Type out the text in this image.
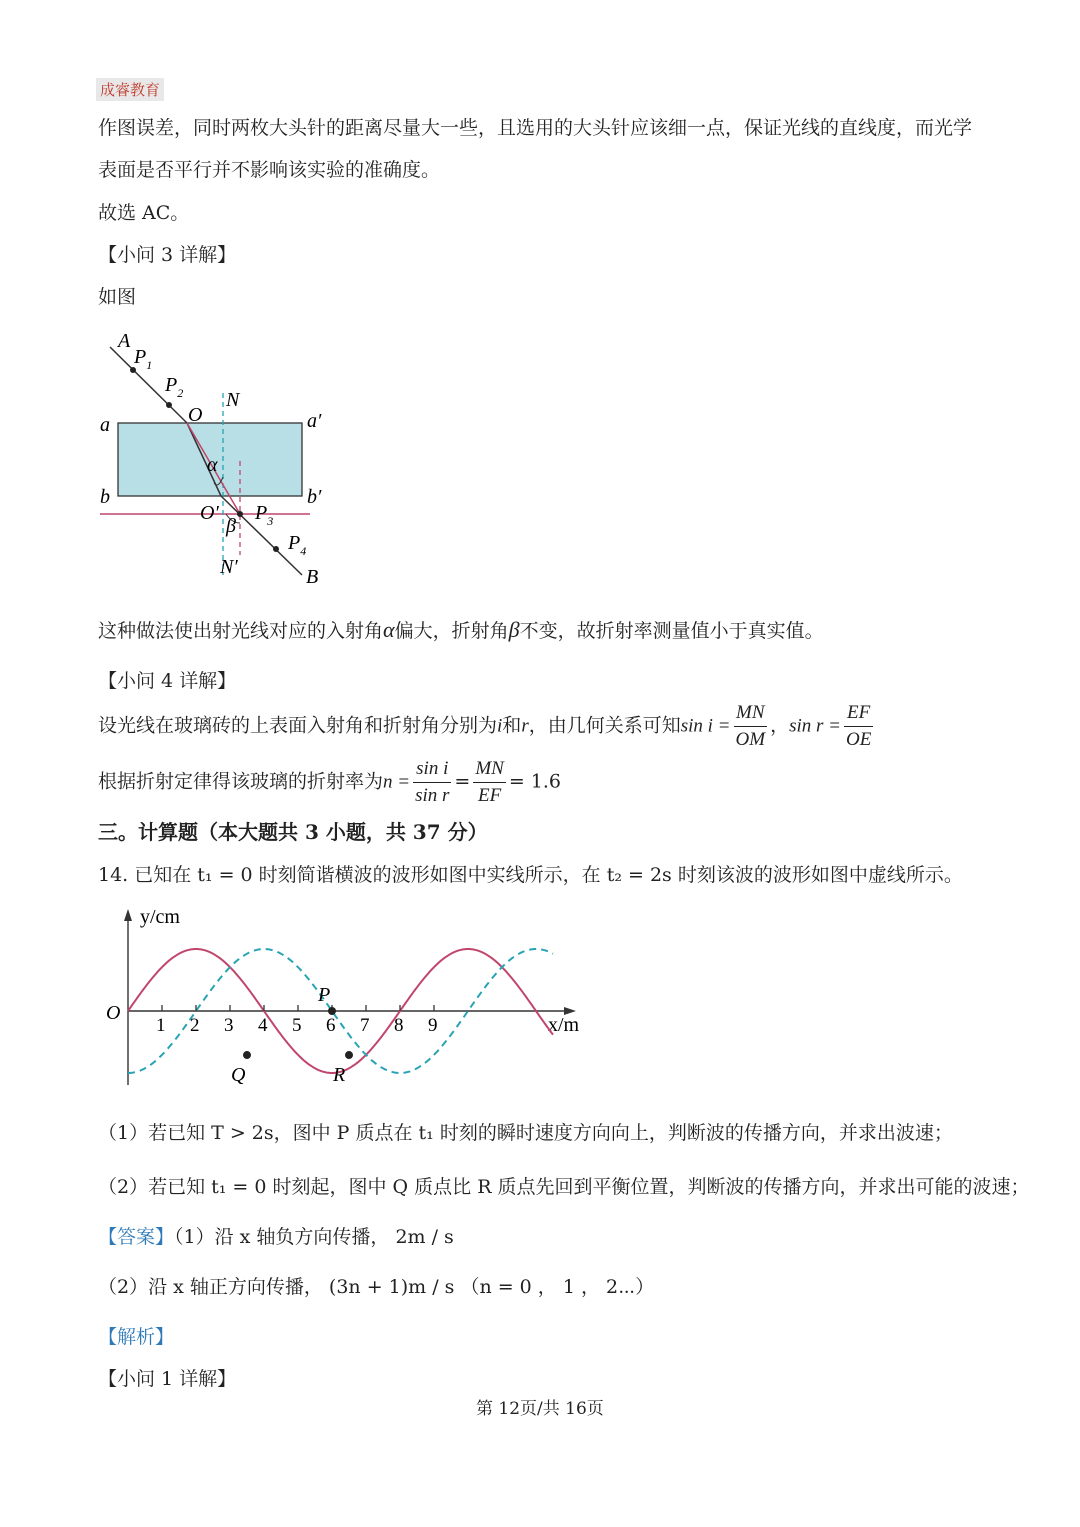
成睿教育
作图误差，同时两枚大头针的距离尽量大一些，且选用的大头针应该细一点，保证光线的直线度，而光学
表面是否平行并不影响该实验的准确度。
故选 AC。
【小问 3 详解】
如图
A
$P_1$
$P_2$
O
N
a	a′
α
b	b′
O′
β
$P_3$
$P_4$
N′	B
这种做法使出射光线对应的入射角α偏大，折射角β不变，故折射率测量值小于真实值。
【小问 4 详解】
设光线在玻璃砖的上表面入射角和折射角分别为i和r，由几何关系可知$\sin i = \frac{MN}{OM}$ ，$\sin r = \frac{EF}{OE}$
根据折射定律得该玻璃的折射率为$n = \frac{\text{sin i}}{\text{sin r}} = \frac{MN}{EF} = 1.6$
三。计算题（本大题共 3 小题，共 37 分）
14. 已知在 t₁ = 0 时刻简谐横波的波形如图中实线所示，在 t₂ = 2s 时刻该波的波形如图中虚线所示。
y/cm
x/m
O
1 2 3 4 5 6 7 8 9
P
Q	R
（1）若已知 T > 2s，图中 P 质点在 t₁ 时刻的瞬时速度方向向上，判断波的传播方向，并求出波速；
（2）若已知 t₁ = 0 时刻起，图中 Q 质点比 R 质点先回到平衡位置，判断波的传播方向，并求出可能的波速；
【答案】（1）沿 x 轴负方向传播， 2m / s
（2）沿 x 轴正方向传播， (3n + 1)m / s （n = 0 ， 1 ， 2⋯）
【解析】
【小问 1 详解】
第 12页/共 16页
